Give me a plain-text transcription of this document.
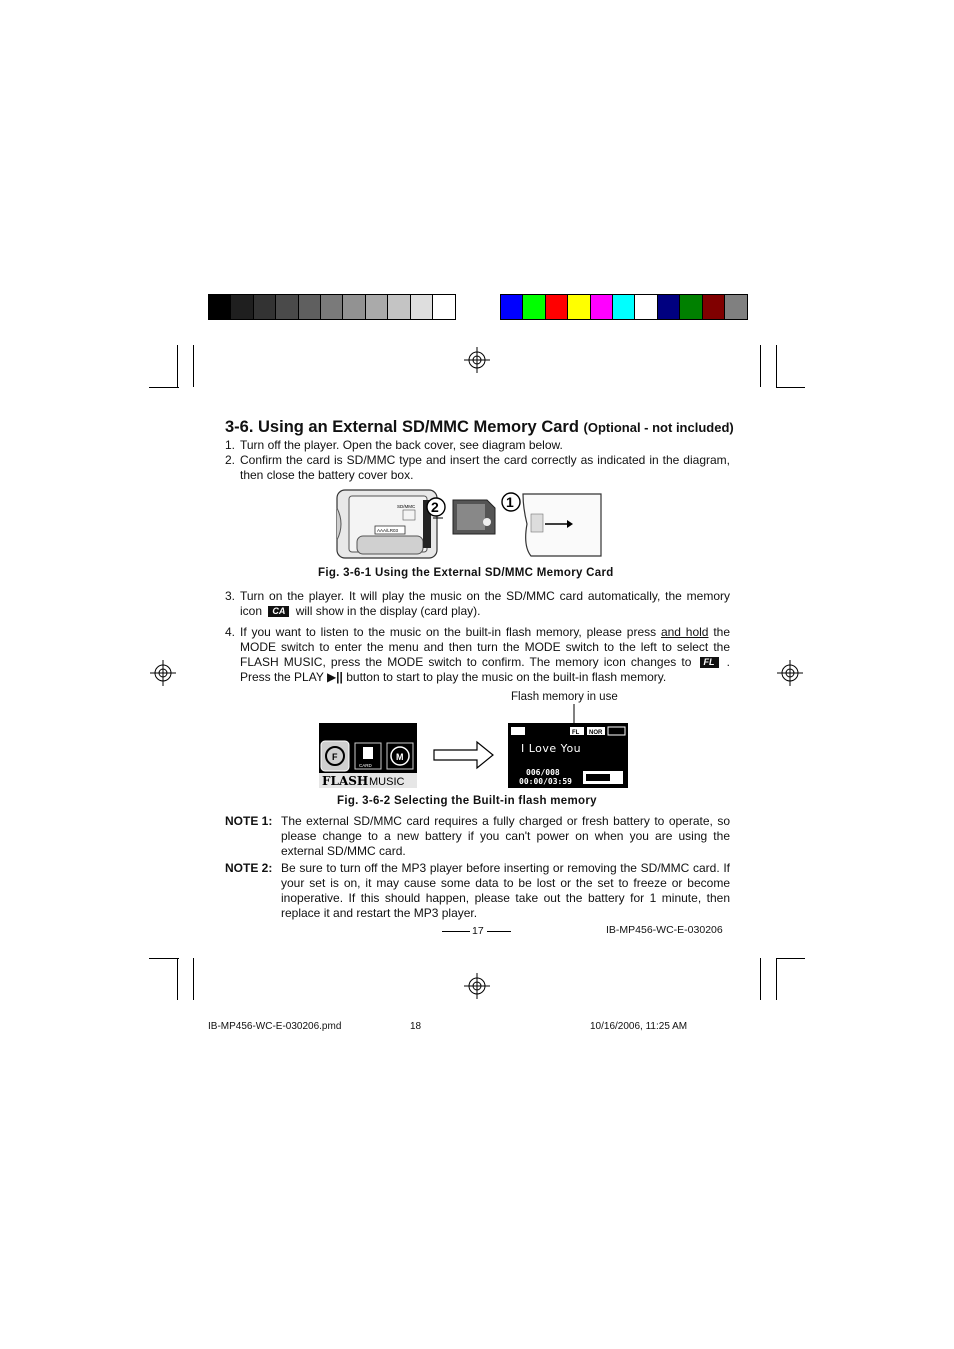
3-6. Using an External SD/MMC Memory Card (Optional - not included)
1. Turn off the player. Open the back cover, see diagram below.
2. Confirm the card is SD/MMC type and insert the card correctly as indicated in the diagram, then close the battery cover box.
AAA/LR03
SD/MMC 2	1
Fig. 3-6-1 Using the External SD/MMC Memory Card
3. Turn on the player. It will play the music on the SD/MMC card automatically, the memory icon CA will show in the display (card play).
4. If you want to listen to the music on the built-in flash memory, please press and hold the MODE switch to enter the menu and then turn the MODE switch to the left to select the FLASH MUSIC, press the MODE switch to confirm. The memory icon changes to FL . Press the PLAY ▶|| button to start to play the music on the built-in flash memory.
Flash memory in use
F
CARD
M
FLASH MUSIC
FL NOR
I Love You
006/008
00:00/03:59
Fig. 3-6-2 Selecting the Built-in flash memory
NOTE 1: The external SD/MMC card requires a fully charged or fresh battery to operate, so please change to a new battery if you can't power on when you are using the external SD/MMC card.
NOTE 2: Be sure to turn off the MP3 player before inserting or removing the SD/MMC card. If your set is on, it may cause some data to be lost or the set to freeze or become inoperative. If this should happen, please take out the battery for 1 minute, then replace it and restart the MP3 player.
17	IB-MP456-WC-E-030206
IB-MP456-WC-E-030206.pmd	18	10/16/2006, 11:25 AM
